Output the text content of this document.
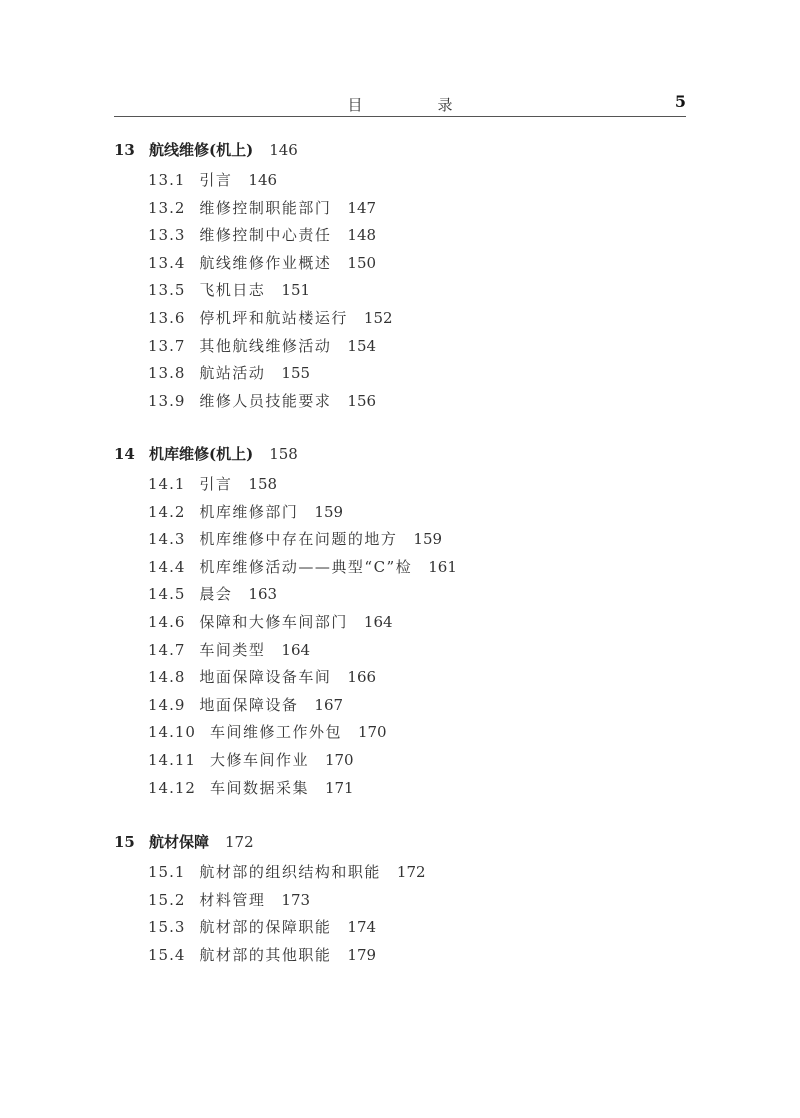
目　录	5
13 航线维修(机上) 146
13.1 引言 146
13.2 维修控制职能部门 147
13.3 维修控制中心责任 148
13.4 航线维修作业概述 150
13.5 飞机日志 151
13.6 停机坪和航站楼运行 152
13.7 其他航线维修活动 154
13.8 航站活动 155
13.9 维修人员技能要求 156
14 机库维修(机上) 158
14.1 引言 158
14.2 机库维修部门 159
14.3 机库维修中存在问题的地方 159
14.4 机库维修活动——典型“C”检 161
14.5 晨会 163
14.6 保障和大修车间部门 164
14.7 车间类型 164
14.8 地面保障设备车间 166
14.9 地面保障设备 167
14.10 车间维修工作外包 170
14.11 大修车间作业 170
14.12 车间数据采集 171
15 航材保障 172
15.1 航材部的组织结构和职能 172
15.2 材料管理 173
15.3 航材部的保障职能 174
15.4 航材部的其他职能 179
